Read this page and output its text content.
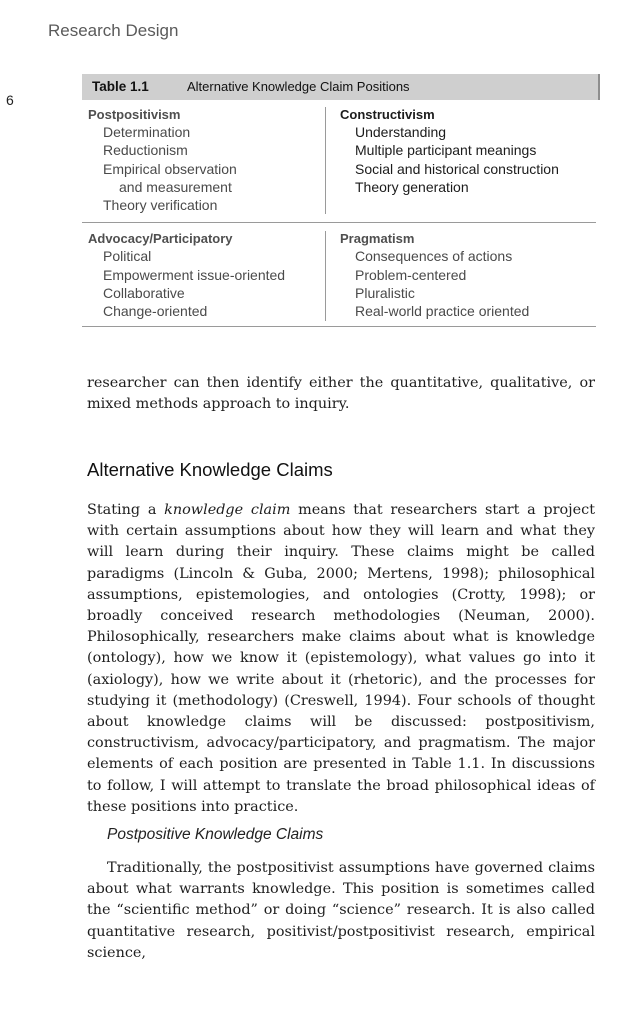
Research Design
6
Table 1.1	Alternative Knowledge Claim Positions
Postpositivism
Determination
Reductionism
Empirical observation
and measurement
Theory verification
Constructivism
Understanding
Multiple participant meanings
Social and historical construction
Theory generation
Advocacy/Participatory
Political
Empowerment issue-oriented
Collaborative
Change-oriented
Pragmatism
Consequences of actions
Problem-centered
Pluralistic
Real-world practice oriented

researcher can then identify either the quantitative, qualitative, or mixed methods approach to inquiry.

Alternative Knowledge Claims

Stating a knowledge claim means that researchers start a project with certain assumptions about how they will learn and what they will learn during their inquiry. These claims might be called paradigms (Lincoln & Guba, 2000; Mertens, 1998); philosophical assumptions, epistemologies, and ontologies (Crotty, 1998); or broadly conceived research methodologies (Neuman, 2000). Philosophically, researchers make claims about what is knowledge (ontology), how we know it (epistemology), what values go into it (axiology), how we write about it (rhetoric), and the processes for studying it (methodology) (Creswell, 1994). Four schools of thought about knowledge claims will be discussed: postpositivism, constructivism, advocacy/participatory, and pragmatism. The major elements of each position are presented in Table 1.1. In discussions to follow, I will attempt to translate the broad philosophical ideas of these positions into practice.

Postpositive Knowledge Claims

Traditionally, the postpositivist assumptions have governed claims about what warrants knowledge. This position is sometimes called the “scientific method” or doing “science” research. It is also called quantitative research, positivist/postpositivist research, empirical science,
